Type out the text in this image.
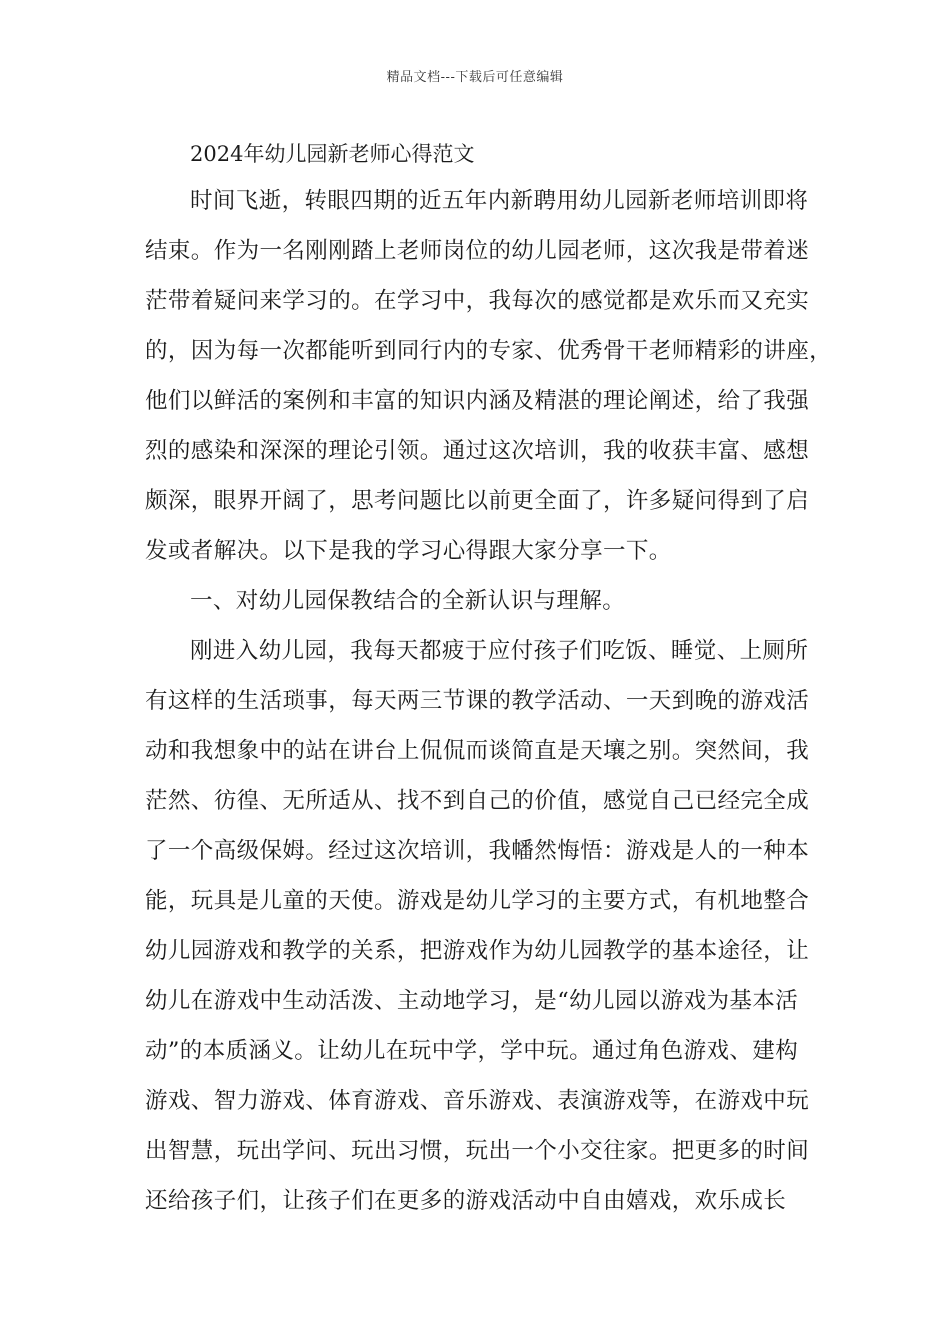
精品文档---下载后可任意编辑
2024年幼儿园新老师心得范文
时间飞逝，转眼四期的近五年内新聘用幼儿园新老师培训即将
结束。作为一名刚刚踏上老师岗位的幼儿园老师，这次我是带着迷
茫带着疑问来学习的。在学习中，我每次的感觉都是欢乐而又充实
的，因为每一次都能听到同行内的专家、优秀骨干老师精彩的讲座，
他们以鲜活的案例和丰富的知识内涵及精湛的理论阐述，给了我强
烈的感染和深深的理论引领。通过这次培训，我的收获丰富、感想
颇深，眼界开阔了，思考问题比以前更全面了，许多疑问得到了启
发或者解决。以下是我的学习心得跟大家分享一下。
一、对幼儿园保教结合的全新认识与理解。
刚进入幼儿园，我每天都疲于应付孩子们吃饭、睡觉、上厕所
有这样的生活琐事，每天两三节课的教学活动、一天到晚的游戏活
动和我想象中的站在讲台上侃侃而谈简直是天壤之别。突然间，我
茫然、彷徨、无所适从、找不到自己的价值，感觉自己已经完全成
了一个高级保姆。经过这次培训，我幡然悔悟：游戏是人的一种本
能，玩具是儿童的天使。游戏是幼儿学习的主要方式，有机地整合
幼儿园游戏和教学的关系，把游戏作为幼儿园教学的基本途径，让
幼儿在游戏中生动活泼、主动地学习，是“幼儿园以游戏为基本活
动”的本质涵义。让幼儿在玩中学，学中玩。通过角色游戏、建构
游戏、智力游戏、体育游戏、音乐游戏、表演游戏等，在游戏中玩
出智慧，玩出学问、玩出习惯，玩出一个小交往家。把更多的时间
还给孩子们，让孩子们在更多的游戏活动中自由嬉戏，欢乐成长
